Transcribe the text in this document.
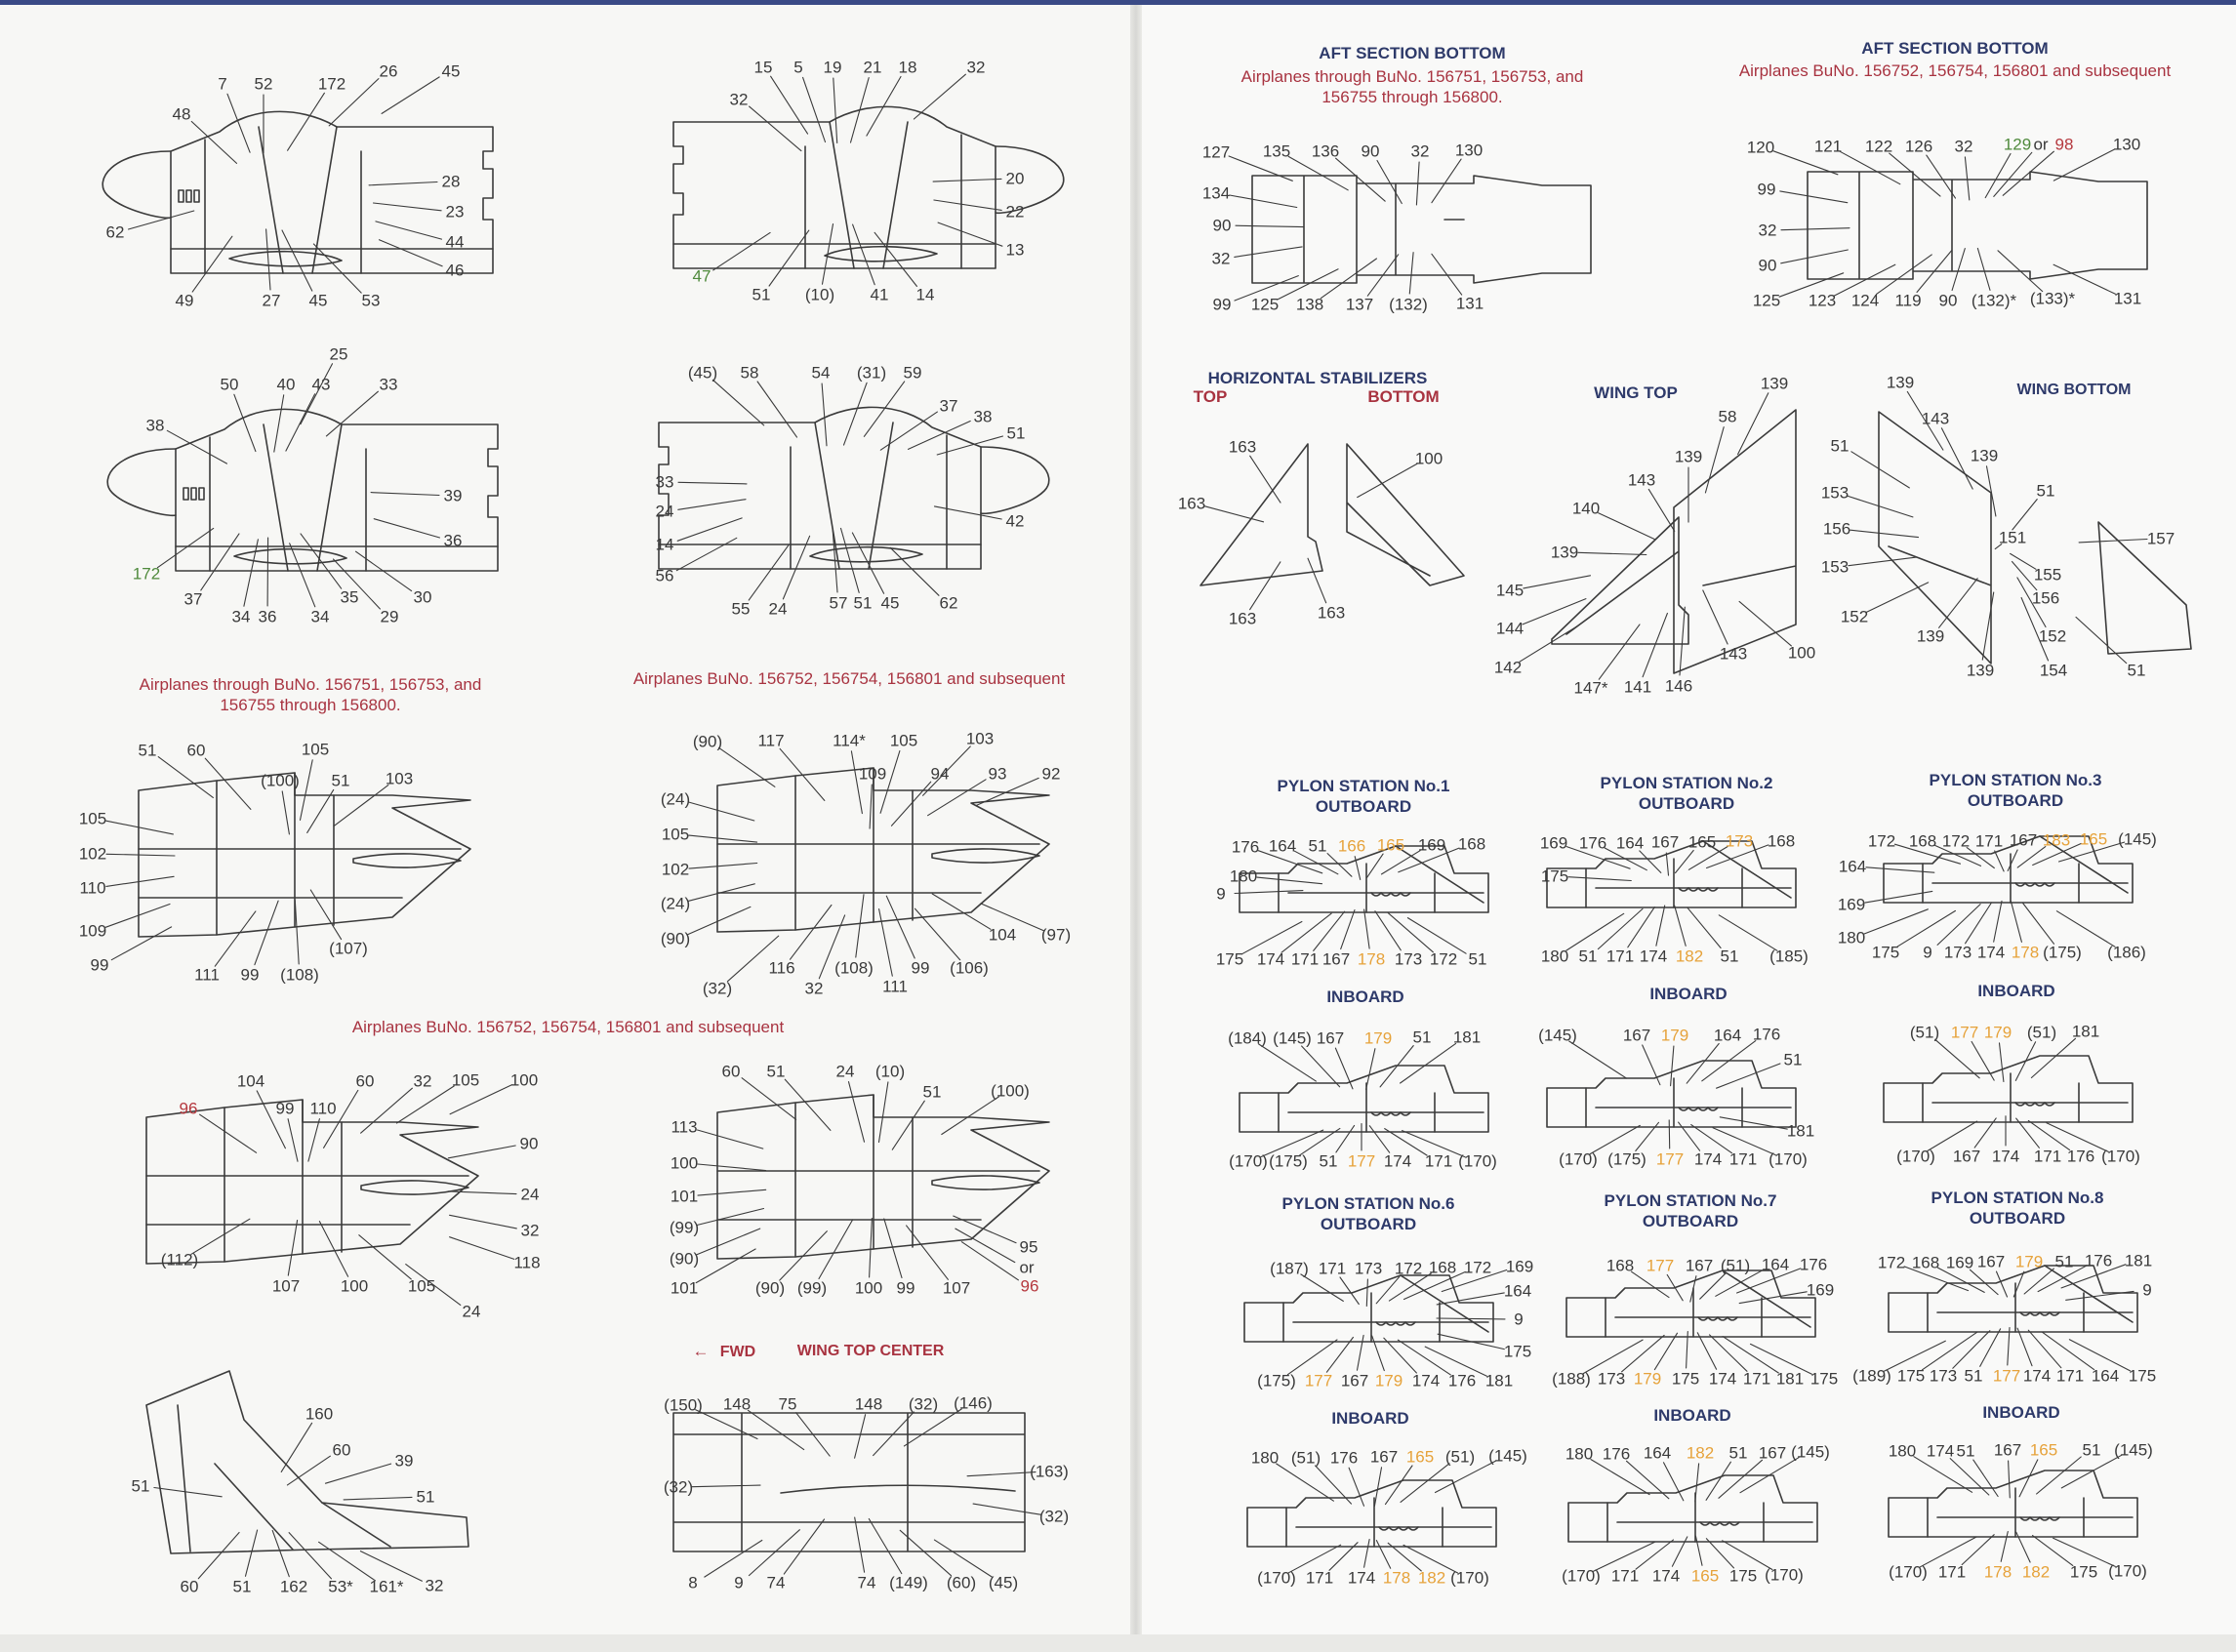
Airplanes through BuNo. 156751, 156753, and
156755 through 156800.
Airplanes BuNo. 156752, 156754, 156801 and subsequent
Airplanes BuNo. 156752, 156754, 156801 and subsequent
AFT SECTION BOTTOM
Airplanes through BuNo. 156751, 156753, and
156755 through 156800.
AFT SECTION BOTTOM
Airplanes BuNo. 156752, 156754, 156801 and subsequent
HORIZONTAL STABILIZERS
TOP	BOTTOM	WING TOP	WING BOTTOM
PYLON STATION No.1
OUTBOARD
PYLON STATION No.2
OUTBOARD
PYLON STATION No.3
OUTBOARD
PYLON STATION No.6
OUTBOARD
PYLON STATION No.7
OUTBOARD
PYLON STATION No.8
OUTBOARD
INBOARD	INBOARD	INBOARD
INBOARD	INBOARD	INBOARD
← FWD	WING TOP CENTER
7 52	172
26	45
48
28
23
44
46
62
49	27 45 53
15 5 19 21 18	32
32
20
22
13
47
51 (10) 41 14
25
50 40 43	33
38
39
36
172
37
34 36 34
35
29
30
(45) 58	54 (31) 59
37
38
51
33
24
14
56
42
55 24	57 51 45 62
51 60	105
(100) 51 103
105
102
110
109
99
111 99 (108)
(107)
(90) 117	114* 105	103
109	94 93 92
(24)
105
102
(24)
(90)
(32)
116
32
(108)
111
99 (106)
104 (97)
104	60 32 105 100
96	99 110
90
24
32
118
(112)
107 100 105
24
60 51	24 (10)
51	(100)
113
100
101
(99)
(90)
101	(90) (99) 100 99 107
95
or
96
160
60
39
51
51
60 51 162 53* 161* 32
(150) 148 75	148 (32) (146)
(163)
(32)
(32)
8 9 74	74 (149) (60) (45)
127 135 136 90 32 130
134
90
32
99 125 138 137 (132) 131
120 121 122 126 32 129 or 98 130
99
32
90
125 123 124 119 90 (132)* (133)* 131
163
163
163	163
100
139
58
139
143
140
139
145
144
142
147* 141 146
143 100
139
143
51
139
51
153
156
153
152
151
155
156
152
139
139	154
157
51
176 164 51 166 165 169 168
180
9
175 174 171 167 178 173 172 51
(184) (145) 167 179 51 181
(170) (175) 51 177 174 171 (170)
169 176 164 167 165 173 168
175
180 51 171 174 182 51 (185)
(145)	167 179 164 176
51
181
(170) (175) 177 174 171 (170)
172 168 172 171 167 183 165 (145)
164
169
180
175 9 173 174 178 (175) (186)
(51) 177 179 (51) 181
(170) 167 174 171 176 (170)
(187) 171 173 172 168 172 169
164
9
175
(175) 177 167 179 174 176 181
168 177 167 (51) 164 176
169
(188) 173 179 175 174 171 181 175
172 168 169 167 179 51 176 181
9
(189) 175 173 51 177 174 171 164 175
180 (51) 176 167 165 (51) (145)
(170) 171 174 178 182 (170)
180 176 164 182 51 167 (145)
(170) 171 174 165 175 (170)
180 174 51 167 165 51 (145)
(170) 171 178 182 175 (170)
